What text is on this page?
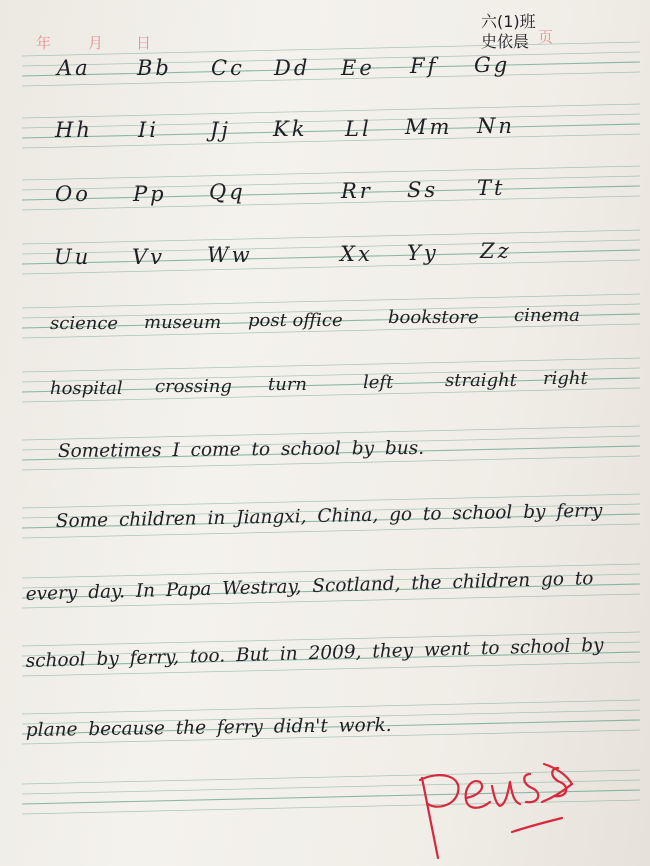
年 月 日	页
六(1)班
史依晨
Aa Bb Cc Dd Ee Ff Gg
Hh Ii Jj Kk Ll Mm Nn
Oo Pp Qq	Rr Ss Tt
Uu Vv Ww	Xx Yy Zz
science museum post office	bookstore cinema
hospital crossing turn	left	straight right
Sometimes I come to school by bus.
Some children in Jiangxi, China, go to school by ferry
every day. In Papa Westray, Scotland, the children go to
school by ferry, too. But in 2009, they went to school by
plane because the ferry didn't work.
